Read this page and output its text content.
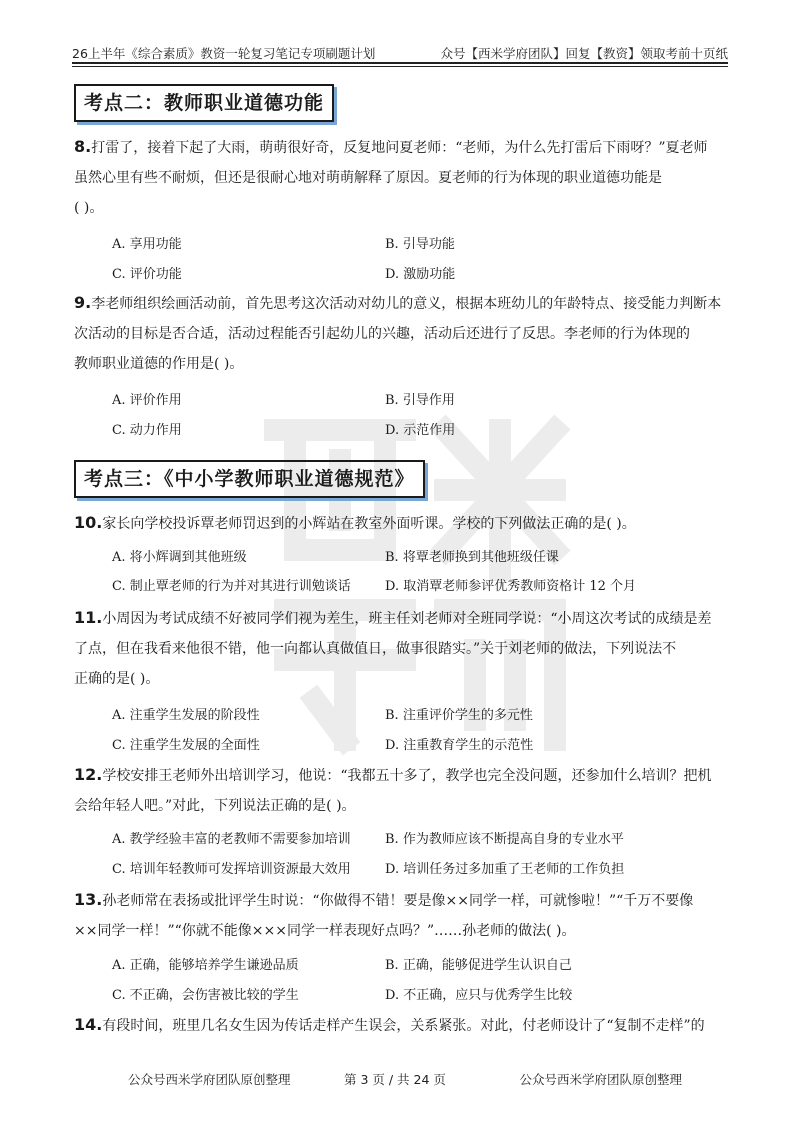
26上半年《综合素质》教资一轮复习笔记专项刷题计划	众号【西米学府团队】回复【教资】领取考前十页纸
考点二：教师职业道德功能
8.打雷了，接着下起了大雨，萌萌很好奇，反复地问夏老师：“老师，为什么先打雷后下雨呀？”夏老师
虽然心里有些不耐烦，但还是很耐心地对萌萌解释了原因。夏老师的行为体现的职业道德功能是
( )。
A. 享用功能	B. 引导功能
C. 评价功能	D. 激励功能
9.李老师组织绘画活动前，首先思考这次活动对幼儿的意义，根据本班幼儿的年龄特点、接受能力判断本
次活动的目标是否合适，活动过程能否引起幼儿的兴趣，活动后还进行了反思。李老师的行为体现的
教师职业道德的作用是( )。
A. 评价作用	B. 引导作用
C. 动力作用	D. 示范作用
考点三：《中小学教师职业道德规范》
10.家长向学校投诉覃老师罚迟到的小辉站在教室外面听课。学校的下列做法正确的是( )。
A. 将小辉调到其他班级	B. 将覃老师换到其他班级任课
C. 制止覃老师的行为并对其进行训勉谈话	D. 取消覃老师参评优秀教师资格计 12 个月
11.小周因为考试成绩不好被同学们视为差生，班主任刘老师对全班同学说：“小周这次考试的成绩是差
了点，但在我看来他很不错，他一向都认真做值日，做事很踏实。”关于刘老师的做法，下列说法不
正确的是( )。
A. 注重学生发展的阶段性	B. 注重评价学生的多元性
C. 注重学生发展的全面性	D. 注重教育学生的示范性
12.学校安排王老师外出培训学习，他说：“我都五十多了，教学也完全没问题，还参加什么培训？把机
会给年轻人吧。”对此，下列说法正确的是( )。
A. 教学经验丰富的老教师不需要参加培训	B. 作为教师应该不断提高自身的专业水平
C. 培训年轻教师可发挥培训资源最大效用	D. 培训任务过多加重了王老师的工作负担
13.孙老师常在表扬或批评学生时说：“你做得不错！要是像××同学一样，可就惨啦！”“千万不要像
××同学一样！”“你就不能像×××同学一样表现好点吗？”……孙老师的做法( )。
A. 正确，能够培养学生谦逊品质	B. 正确，能够促进学生认识自己
C. 不正确，会伤害被比较的学生	D. 不正确，应只与优秀学生比较
14.有段时间，班里几名女生因为传话走样产生误会，关系紧张。对此，付老师设计了“复制不走样”的
公众号西米学府团队原创整理	第 3 页 / 共 24 页	公众号西米学府团队原创整理
